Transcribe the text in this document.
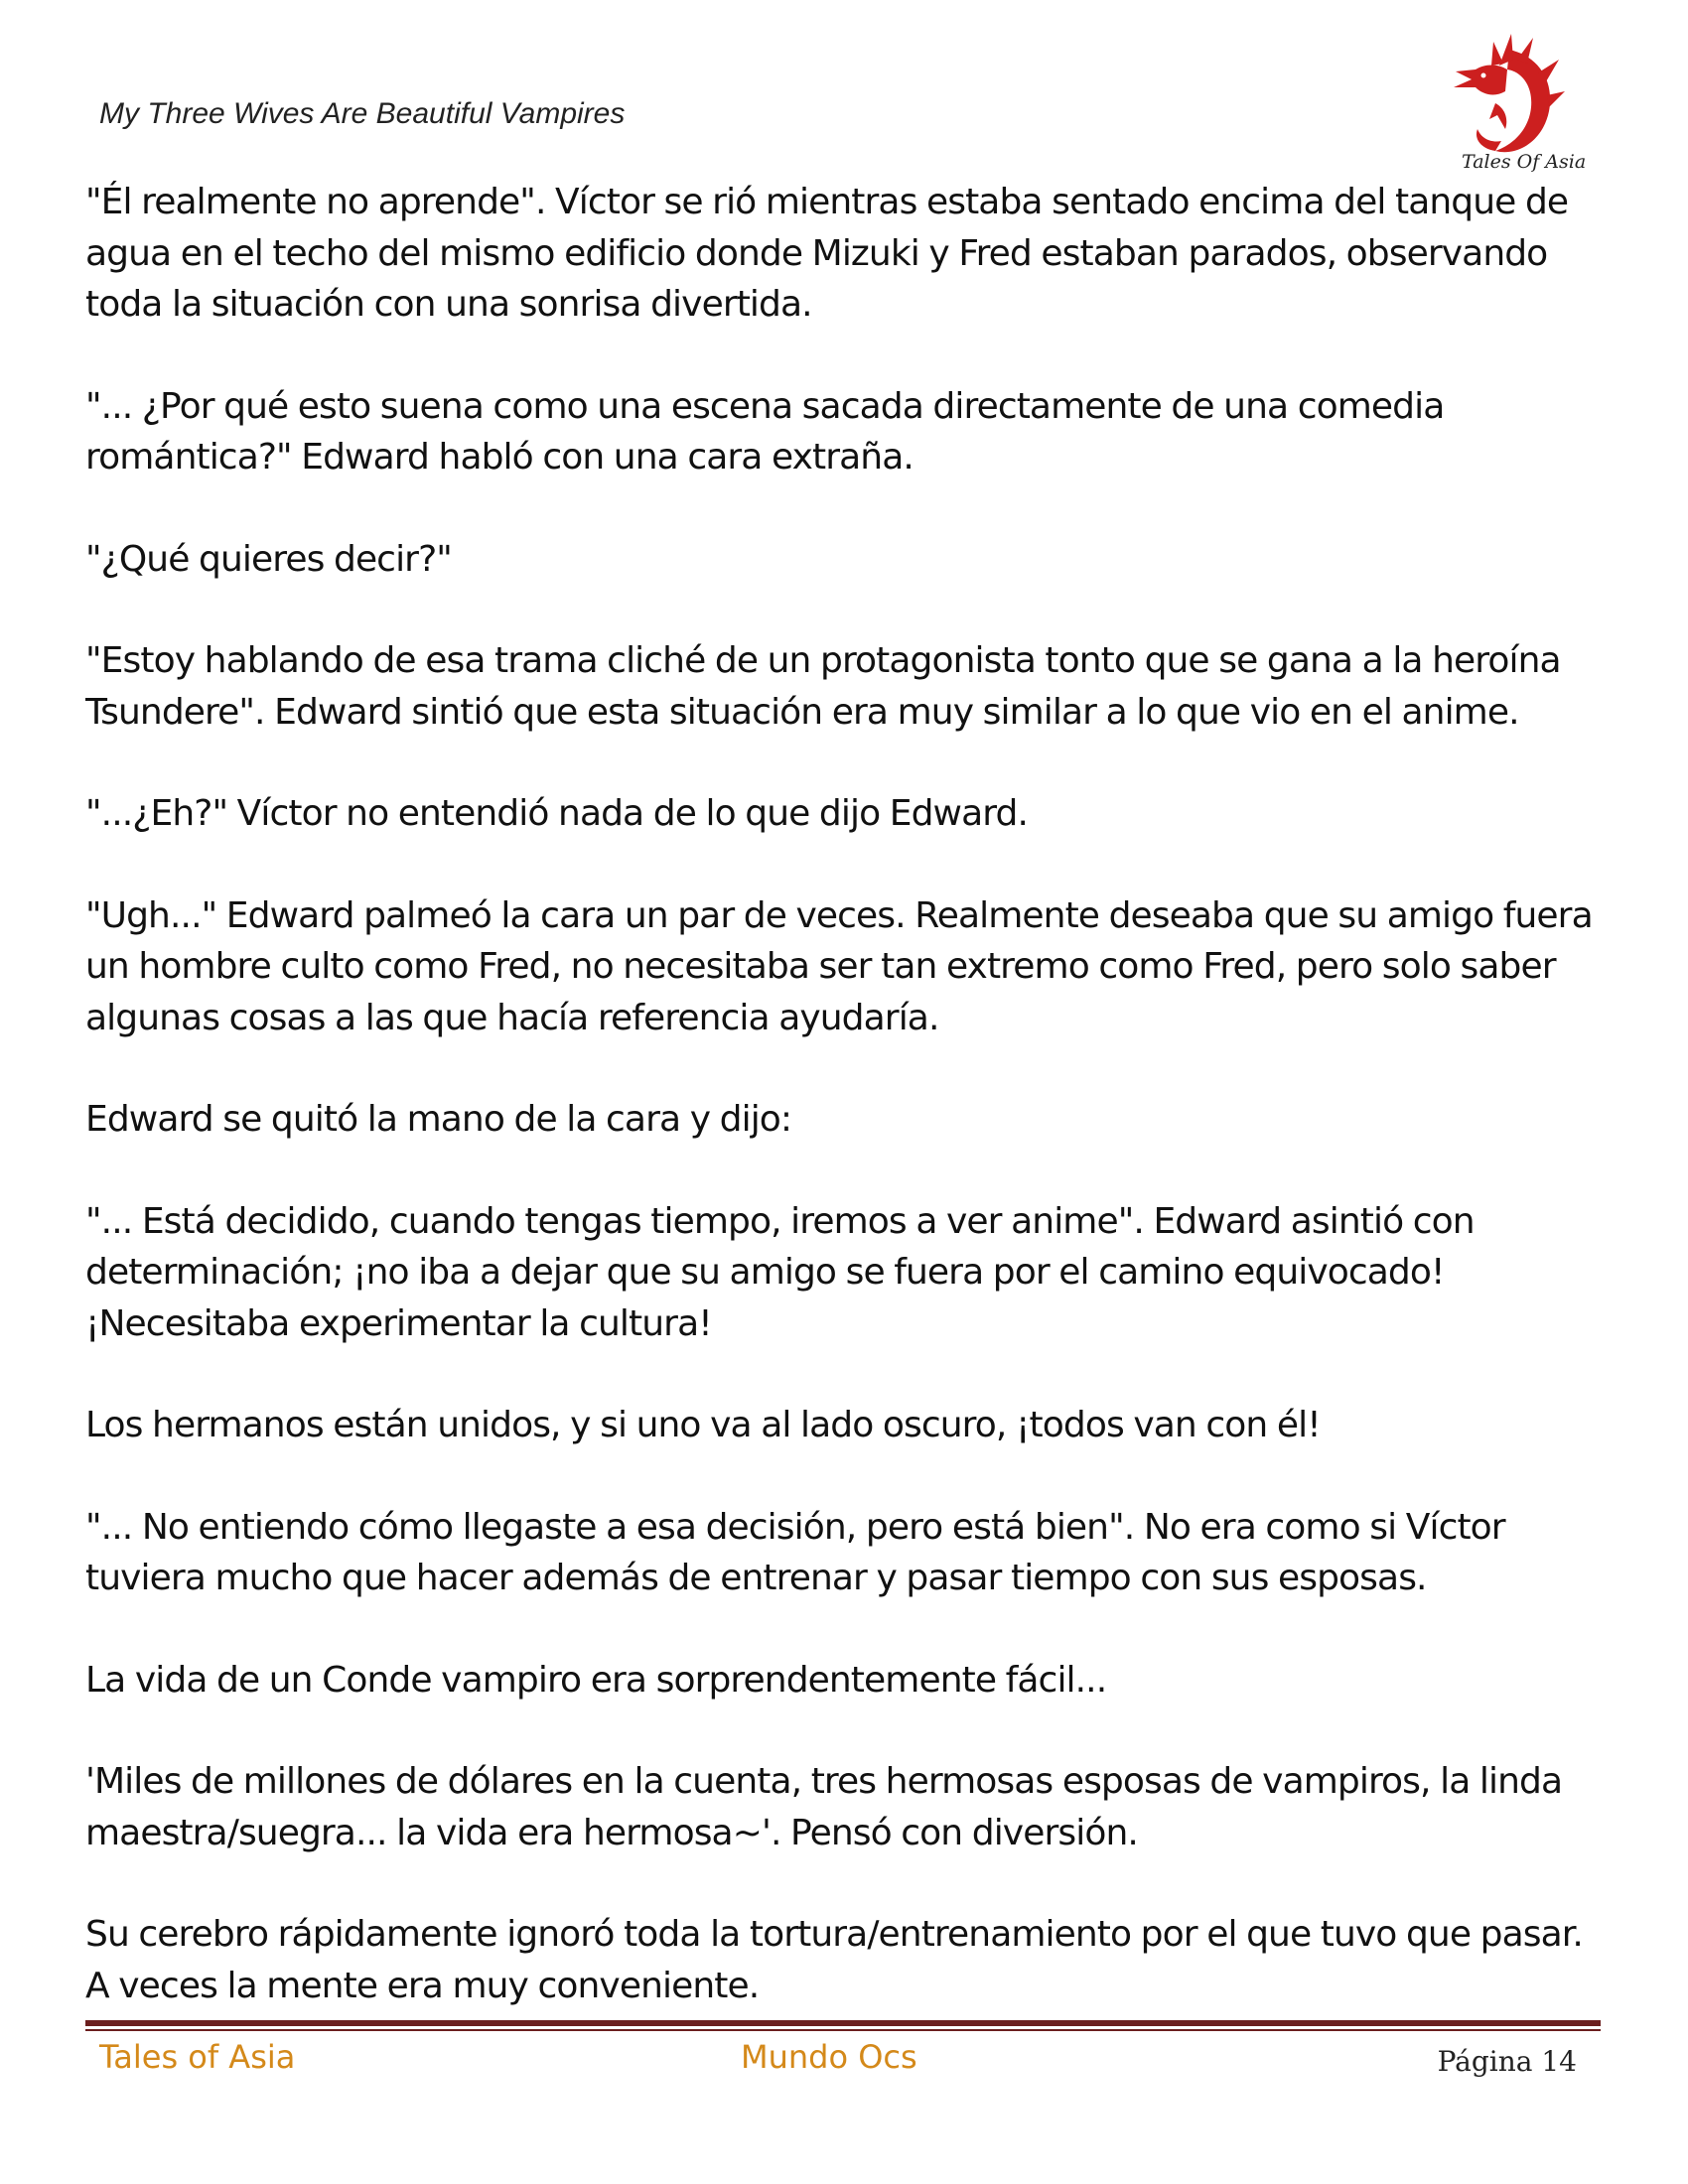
My Three Wives Are Beautiful Vampires
Tales Of Asia

"Él realmente no aprende". Víctor se rió mientras estaba sentado encima del tanque de agua en el techo del mismo edificio donde Mizuki y Fred estaban parados, observando toda la situación con una sonrisa divertida.

"... ¿Por qué esto suena como una escena sacada directamente de una comedia romántica?" Edward habló con una cara extraña.

"¿Qué quieres decir?"

"Estoy hablando de esa trama cliché de un protagonista tonto que se gana a la heroína Tsundere". Edward sintió que esta situación era muy similar a lo que vio en el anime.

"...¿Eh?" Víctor no entendió nada de lo que dijo Edward.

"Ugh..." Edward palmeó la cara un par de veces. Realmente deseaba que su amigo fuera un hombre culto como Fred, no necesitaba ser tan extremo como Fred, pero solo saber algunas cosas a las que hacía referencia ayudaría.

Edward se quitó la mano de la cara y dijo:

"... Está decidido, cuando tengas tiempo, iremos a ver anime". Edward asintió con determinación; ¡no iba a dejar que su amigo se fuera por el camino equivocado! ¡Necesitaba experimentar la cultura!

Los hermanos están unidos, y si uno va al lado oscuro, ¡todos van con él!

"... No entiendo cómo llegaste a esa decisión, pero está bien". No era como si Víctor tuviera mucho que hacer además de entrenar y pasar tiempo con sus esposas.

La vida de un Conde vampiro era sorprendentemente fácil...

'Miles de millones de dólares en la cuenta, tres hermosas esposas de vampiros, la linda maestra/suegra... la vida era hermosa~'. Pensó con diversión.

Su cerebro rápidamente ignoró toda la tortura/entrenamiento por el que tuvo que pasar. A veces la mente era muy conveniente.

Tales of Asia	Mundo Ocs	Página 14
